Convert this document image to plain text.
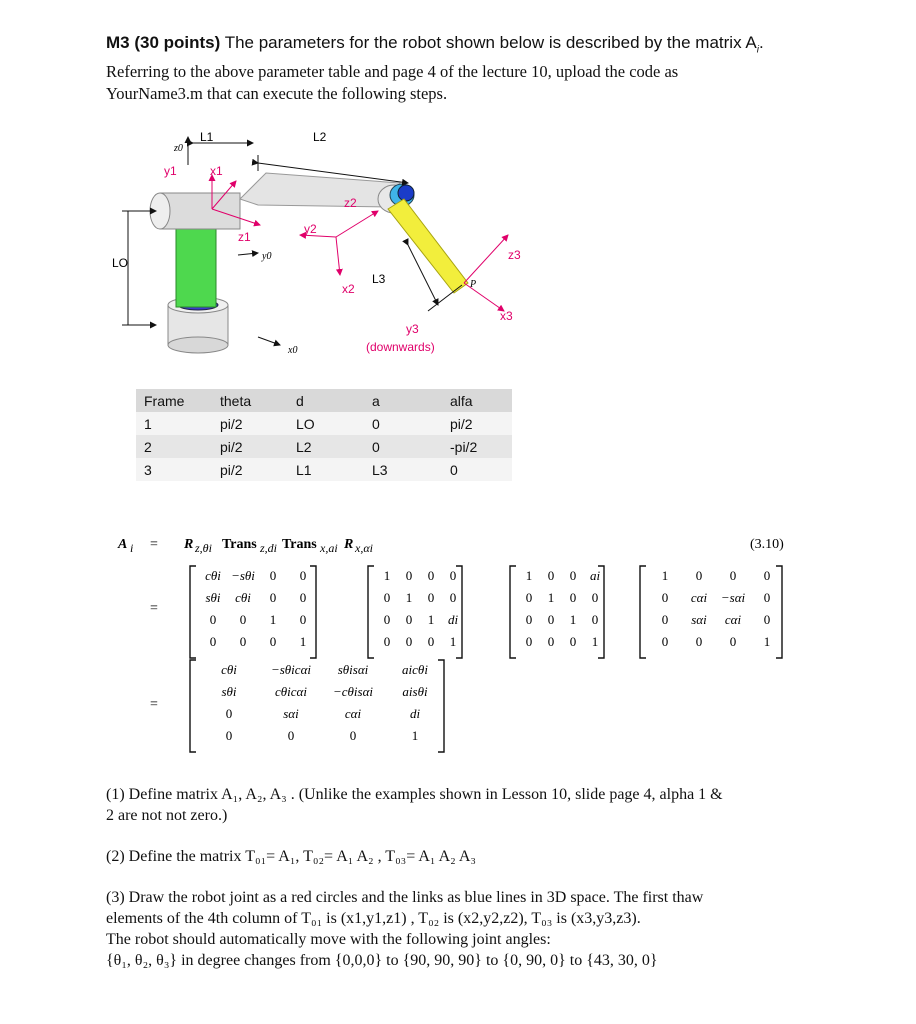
M3 (30 points) The parameters for the robot shown below is described by the matrix $A_i$.
Referring to the above parameter table and page 4 of the lecture 10, upload the code as
YourName3.m that can execute the following steps.
L1	L2
L3
LO
z0
y0
x0
x1
y1
z1
x2
y2
z2
x3
y3
z3
P
(downwards)
Frame	theta	d	a	alfa
1	pi/2	LO	0	pi/2
2	pi/2	L2	0	-pi/2
3	pi/2	L1	L3	0
A i = R z,θi Trans z,di Trans x,ai R x,αi	(3.10)
=
=
cθi −sθi 0 0
sθi cθi 0 0
0 0 1 0
0 0 0 1
1 0 0 0
0 1 0 0
0 0 1 di
0 0 0 1
1 0 0 ai
0 1 0 0
0 0 1 0
0 0 0 1
1 0 0 0
0 cαi −sαi 0
0 sαi cαi 0
0 0 0 1
cθi	−sθicαi sθisαi	aicθi
sθi	cθicαi −cθisαi aisθi
0	sαi	cαi	di
0	0	0	1

(1) Define matrix A₁, A₂, A₃ . (Unlike the examples shown in Lesson 10, slide page 4, alpha 1 &

2 are not not zero.)

(2) Define the matrix T₀₁= A₁, T₀₂= A₁ A₂ , T₀₃= A₁ A₂ A₃

(3) Draw the robot joint as a red circles and the links as blue lines in 3D space. The first thaw

elements of the 4th column of T₀₁ is (x1,y1,z1) , T₀₂ is (x2,y2,z2), T₀₃ is (x3,y3,z3).

The robot should automatically move with the following joint angles:

{θ₁, θ₂, θ₃} in degree changes from {0,0,0} to {90, 90, 90} to {0, 90, 0} to {43, 30, 0}
